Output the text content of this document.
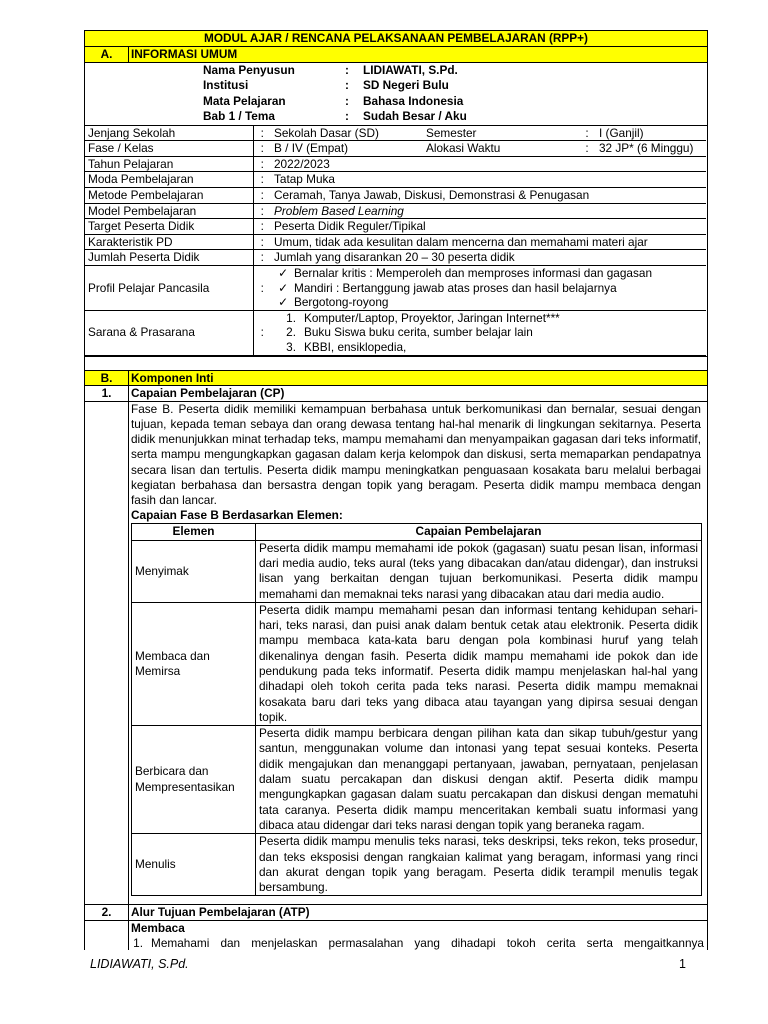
MODUL AJAR / RENCANA PELAKSANAAN PEMBELAJARAN (RPP+)
A.	INFORMASI UMUM

Nama Penyusun	:	LIDIAWATI, S.Pd.
Institusi	:	SD Negeri Bulu
Mata Pelajaran	:	Bahasa Indonesia
Bab 1 / Tema	:	Sudah Besar / Aku

Jenjang Sekolah	:	Sekolah Dasar (SD)	Semester	:	I (Ganjil)
Fase / Kelas	:	B / IV (Empat)	Alokasi Waktu	:	32 JP* (6 Minggu)
Tahun Pelajaran	:	2022/2023
Moda Pembelajaran	:	Tatap Muka
Metode Pembelajaran	:	Ceramah, Tanya Jawab, Diskusi, Demonstrasi & Penugasan
Model Pembelajaran	:	Problem Based Learning
Target Peserta Didik	:	Peserta Didik Reguler/Tipikal
Karakteristik PD	:	Umum, tidak ada kesulitan dalam mencerna dan memahami materi ajar
Jumlah Peserta Didik	:	Jumlah yang disarankan 20 – 30 peserta didik
Profil Pelajar Pancasila	:	
✓ Bernalar kritis : Memperoleh dan memproses informasi dan gagasan
✓ Mandiri : Bertanggung jawab atas proses dan hasil belajarnya
✓ Bergotong-royong

Sarana & Prasarana	:	
1. Komputer/Laptop, Proyektor, Jaringan Internet***
2. Buku Siswa buku cerita, sumber belajar lain
3. KBBI, ensiklopedia,

B.	Komponen Inti
1.	Capaian Pembelajaran (CP)

Fase B. Peserta didik memiliki kemampuan berbahasa untuk berkomunikasi dan bernalar, sesuai dengan tujuan, kepada teman sebaya dan orang dewasa tentang hal-hal menarik di lingkungan sekitarnya. Peserta didik menunjukkan minat terhadap teks, mampu memahami dan menyampaikan gagasan dari teks informatif, serta mampu mengungkapkan gagasan dalam kerja kelompok dan diskusi, serta memaparkan pendapatnya secara lisan dan tertulis. Peserta didik mampu meningkatkan penguasaan kosakata baru melalui berbagai kegiatan berbahasa dan bersastra dengan topik yang beragam. Peserta didik mampu membaca dengan fasih dan lancar.
Capaian Fase B Berdasarkan Elemen:
Elemen	Capaian Pembelajaran
Menyimak	Peserta didik mampu memahami ide pokok (gagasan) suatu pesan lisan, informasi dari media audio, teks aural (teks yang dibacakan dan/atau didengar), dan instruksi lisan yang berkaitan dengan tujuan berkomunikasi. Peserta didik mampu memahami dan memaknai teks narasi yang dibacakan atau dari media audio.
Membaca dan Memirsa	Peserta didik mampu memahami pesan dan informasi tentang kehidupan sehari-hari, teks narasi, dan puisi anak dalam bentuk cetak atau elektronik. Peserta didik mampu membaca kata-kata baru dengan pola kombinasi huruf yang telah dikenalinya dengan fasih. Peserta didik mampu memahami ide pokok dan ide pendukung pada teks informatif. Peserta didik mampu menjelaskan hal-hal yang dihadapi oleh tokoh cerita pada teks narasi. Peserta didik mampu memaknai kosakata baru dari teks yang dibaca atau tayangan yang dipirsa sesuai dengan topik.
Berbicara dan Mempresentasikan	Peserta didik mampu berbicara dengan pilihan kata dan sikap tubuh/gestur yang santun, menggunakan volume dan intonasi yang tepat sesuai konteks. Peserta didik mengajukan dan menanggapi pertanyaan, jawaban, pernyataan, penjelasan dalam suatu percakapan dan diskusi dengan aktif. Peserta didik mampu mengungkapkan gagasan dalam suatu percakapan dan diskusi dengan mematuhi tata caranya. Peserta didik mampu menceritakan kembali suatu informasi yang dibaca atau didengar dari teks narasi dengan topik yang beraneka ragam.
Menulis	Peserta didik mampu menulis teks narasi, teks deskripsi, teks rekon, teks prosedur, dan teks eksposisi dengan rangkaian kalimat yang beragam, informasi yang rinci dan akurat dengan topik yang beragam. Peserta didik terampil menulis tegak bersambung.

2.	Alur Tujuan Pembelajaran (ATP)

Membaca
1. Memahami dan menjelaskan permasalahan yang dihadapi tokoh cerita serta mengaitkannya
LIDIAWATI, S.Pd.	1
